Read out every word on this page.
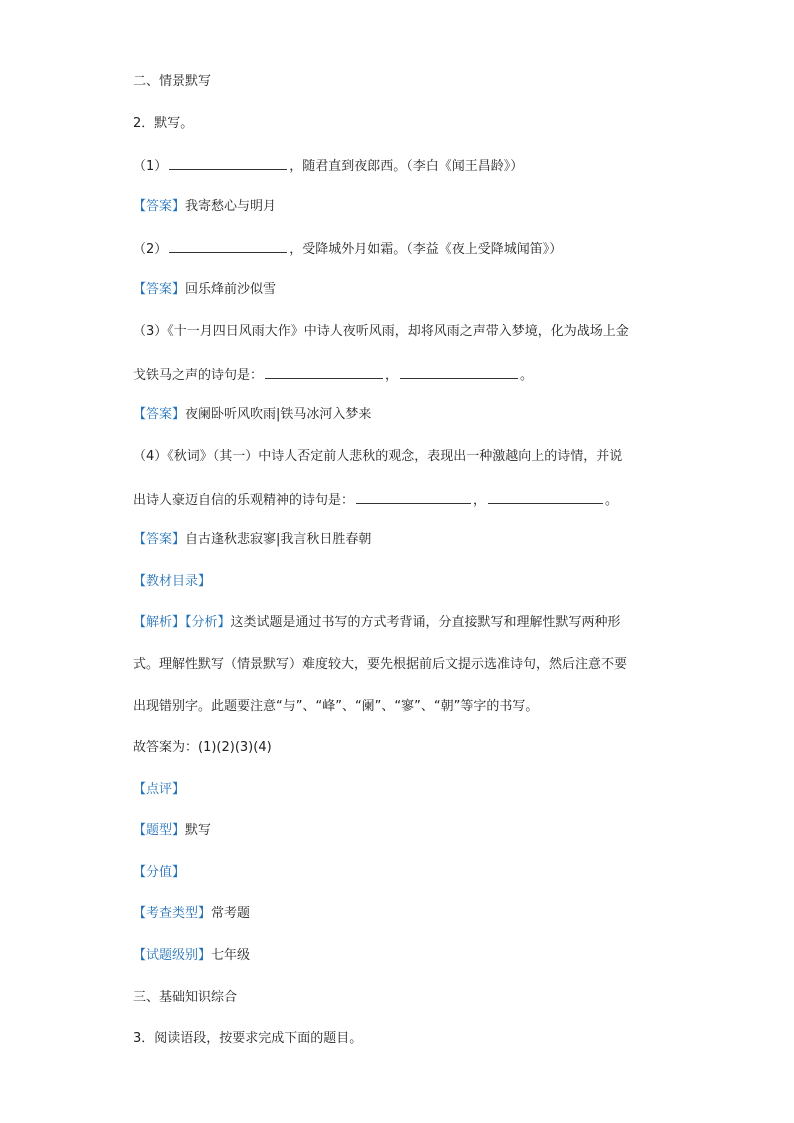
二、情景默写
2．默写。
（1）	，随君直到夜郎西。（李白《闻王昌龄》）
【答案】我寄愁心与明月
（2）	，受降城外月如霜。（李益《夜上受降城闻笛》）
【答案】回乐烽前沙似雪
（3）《十一月四日风雨大作》中诗人夜听风雨，却将风雨之声带入梦境，化为战场上金
戈铁马之声的诗句是：	，	。
【答案】夜阑卧听风吹雨|铁马冰河入梦来
（4）《秋词》（其一）中诗人否定前人悲秋的观念，表现出一种激越向上的诗情，并说
出诗人豪迈自信的乐观精神的诗句是：	，	。
【答案】自古逢秋悲寂寥|我言秋日胜春朝
【教材目录】
【解析】【分析】这类试题是通过书写的方式考背诵，分直接默写和理解性默写两种形
式。理解性默写（情景默写）难度较大，要先根据前后文提示选准诗句，然后注意不要
出现错别字。此题要注意“与”、“峰”、“阑”、“寥”、“朝”等字的书写。
故答案为：(1)(2)(3)(4)
【点评】
【题型】默写
【分值】
【考查类型】常考题
【试题级别】七年级
三、基础知识综合
3．阅读语段，按要求完成下面的题目。
